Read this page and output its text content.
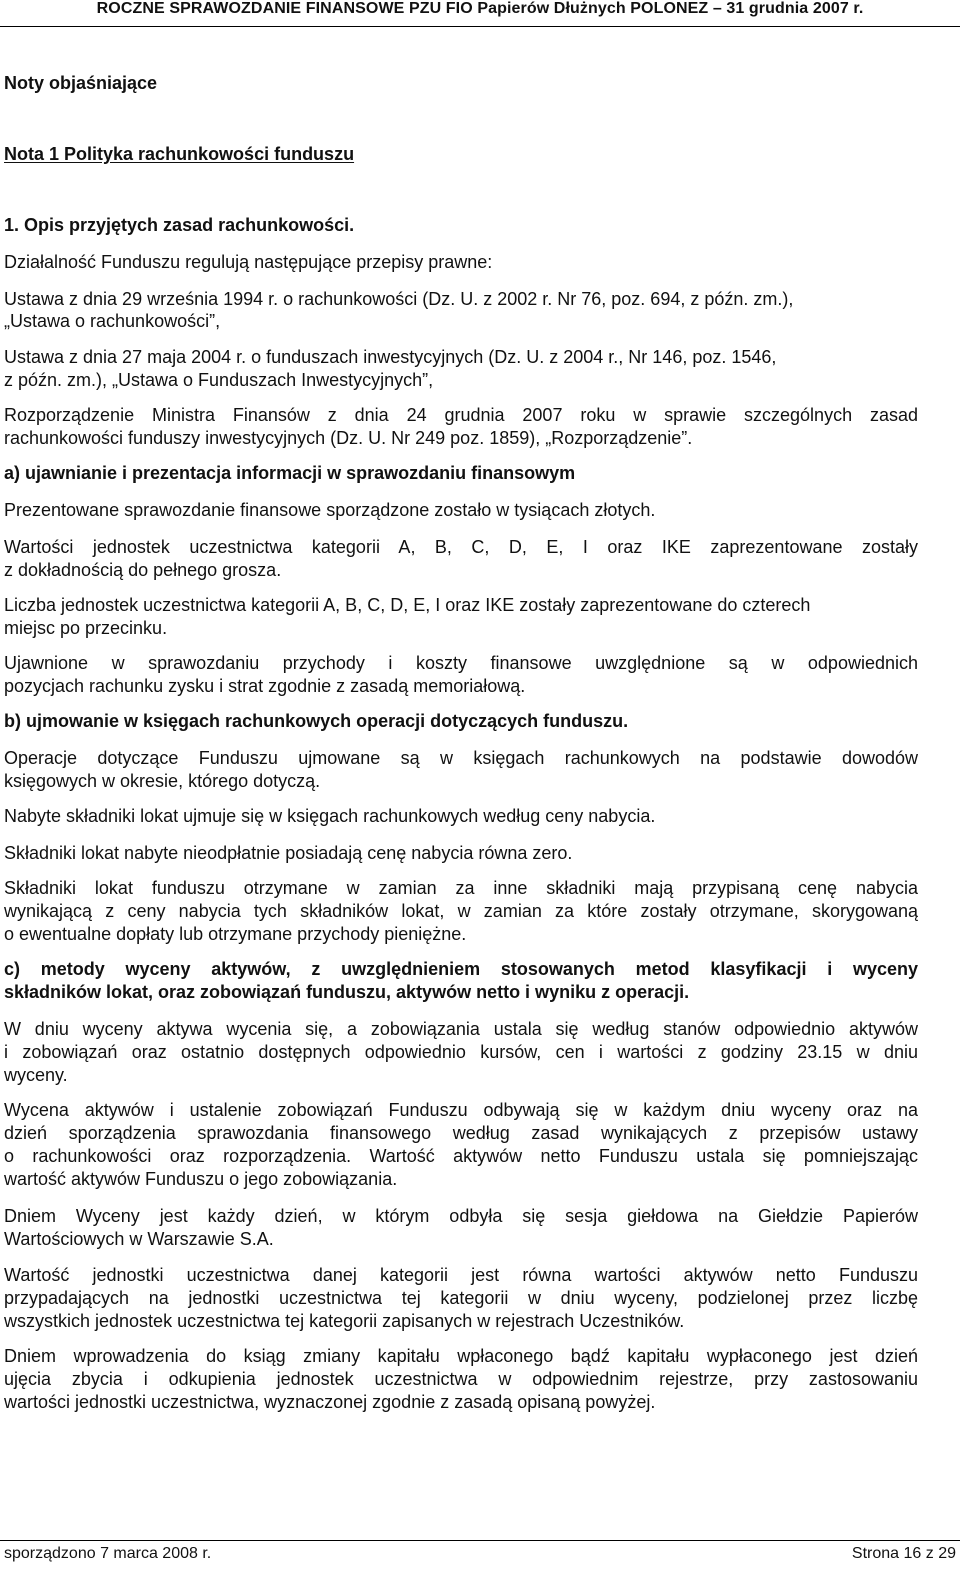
ROCZNE SPRAWOZDANIE FINANSOWE PZU FIO Papierów Dłużnych POLONEZ – 31 grudnia 2007 r.
Noty objaśniające
Nota 1 Polityka rachunkowości funduszu
1. Opis przyjętych zasad rachunkowości.
Działalność Funduszu regulują następujące przepisy prawne:
Ustawa z dnia 29 września 1994 r. o rachunkowości (Dz. U. z 2002 r. Nr 76, poz. 694, z późn. zm.),
„Ustawa o rachunkowości”,
Ustawa z dnia 27 maja 2004 r. o funduszach inwestycyjnych (Dz. U. z 2004 r., Nr 146, poz. 1546,
z późn. zm.), „Ustawa o Funduszach Inwestycyjnych”,
Rozporządzenie Ministra Finansów z dnia 24 grudnia 2007 roku w sprawie szczególnych zasad
rachunkowości funduszy inwestycyjnych (Dz. U. Nr 249 poz. 1859), „Rozporządzenie”.
a) ujawnianie i prezentacja informacji w sprawozdaniu finansowym
Prezentowane sprawozdanie finansowe sporządzone zostało w tysiącach złotych.
Wartości jednostek uczestnictwa kategorii A, B, C, D, E, I oraz IKE zaprezentowane zostały
z dokładnością do pełnego grosza.
Liczba jednostek uczestnictwa kategorii A, B, C, D, E, I oraz IKE zostały zaprezentowane do czterech
miejsc po przecinku.
Ujawnione w sprawozdaniu przychody i koszty finansowe uwzględnione są w odpowiednich
pozycjach rachunku zysku i strat zgodnie z zasadą memoriałową.
b) ujmowanie w księgach rachunkowych operacji dotyczących funduszu.
Operacje dotyczące Funduszu ujmowane są w księgach rachunkowych na podstawie dowodów
księgowych w okresie, którego dotyczą.
Nabyte składniki lokat ujmuje się w księgach rachunkowych według ceny nabycia.
Składniki lokat nabyte nieodpłatnie posiadają cenę nabycia równa zero.
Składniki lokat funduszu otrzymane w zamian za inne składniki mają przypisaną cenę nabycia
wynikającą z ceny nabycia tych składników lokat, w zamian za które zostały otrzymane, skorygowaną
o ewentualne dopłaty lub otrzymane przychody pieniężne.
c) metody wyceny aktywów, z uwzględnieniem stosowanych metod klasyfikacji i wyceny
składników lokat, oraz zobowiązań funduszu, aktywów netto i wyniku z operacji.
W dniu wyceny aktywa wycenia się, a zobowiązania ustala się według stanów odpowiednio aktywów
i zobowiązań oraz ostatnio dostępnych odpowiednio kursów, cen i wartości z godziny 23.15 w dniu
wyceny.
Wycena aktywów i ustalenie zobowiązań Funduszu odbywają się w każdym dniu wyceny oraz na
dzień sporządzenia sprawozdania finansowego według zasad wynikających z przepisów ustawy
o rachunkowości oraz rozporządzenia. Wartość aktywów netto Funduszu ustala się pomniejszając
wartość aktywów Funduszu o jego zobowiązania.
Dniem Wyceny jest każdy dzień, w którym odbyła się sesja giełdowa na Giełdzie Papierów
Wartościowych w Warszawie S.A.
Wartość jednostki uczestnictwa danej kategorii jest równa wartości aktywów netto Funduszu
przypadających na jednostki uczestnictwa tej kategorii w dniu wyceny, podzielonej przez liczbę
wszystkich jednostek uczestnictwa tej kategorii zapisanych w rejestrach Uczestników.
Dniem wprowadzenia do ksiąg zmiany kapitału wpłaconego bądź kapitału wypłaconego jest dzień
ujęcia zbycia i odkupienia jednostek uczestnictwa w odpowiednim rejestrze, przy zastosowaniu
wartości jednostki uczestnictwa, wyznaczonej zgodnie z zasadą opisaną powyżej.
sporządzono 7 marca 2008 r.	Strona 16 z 29
